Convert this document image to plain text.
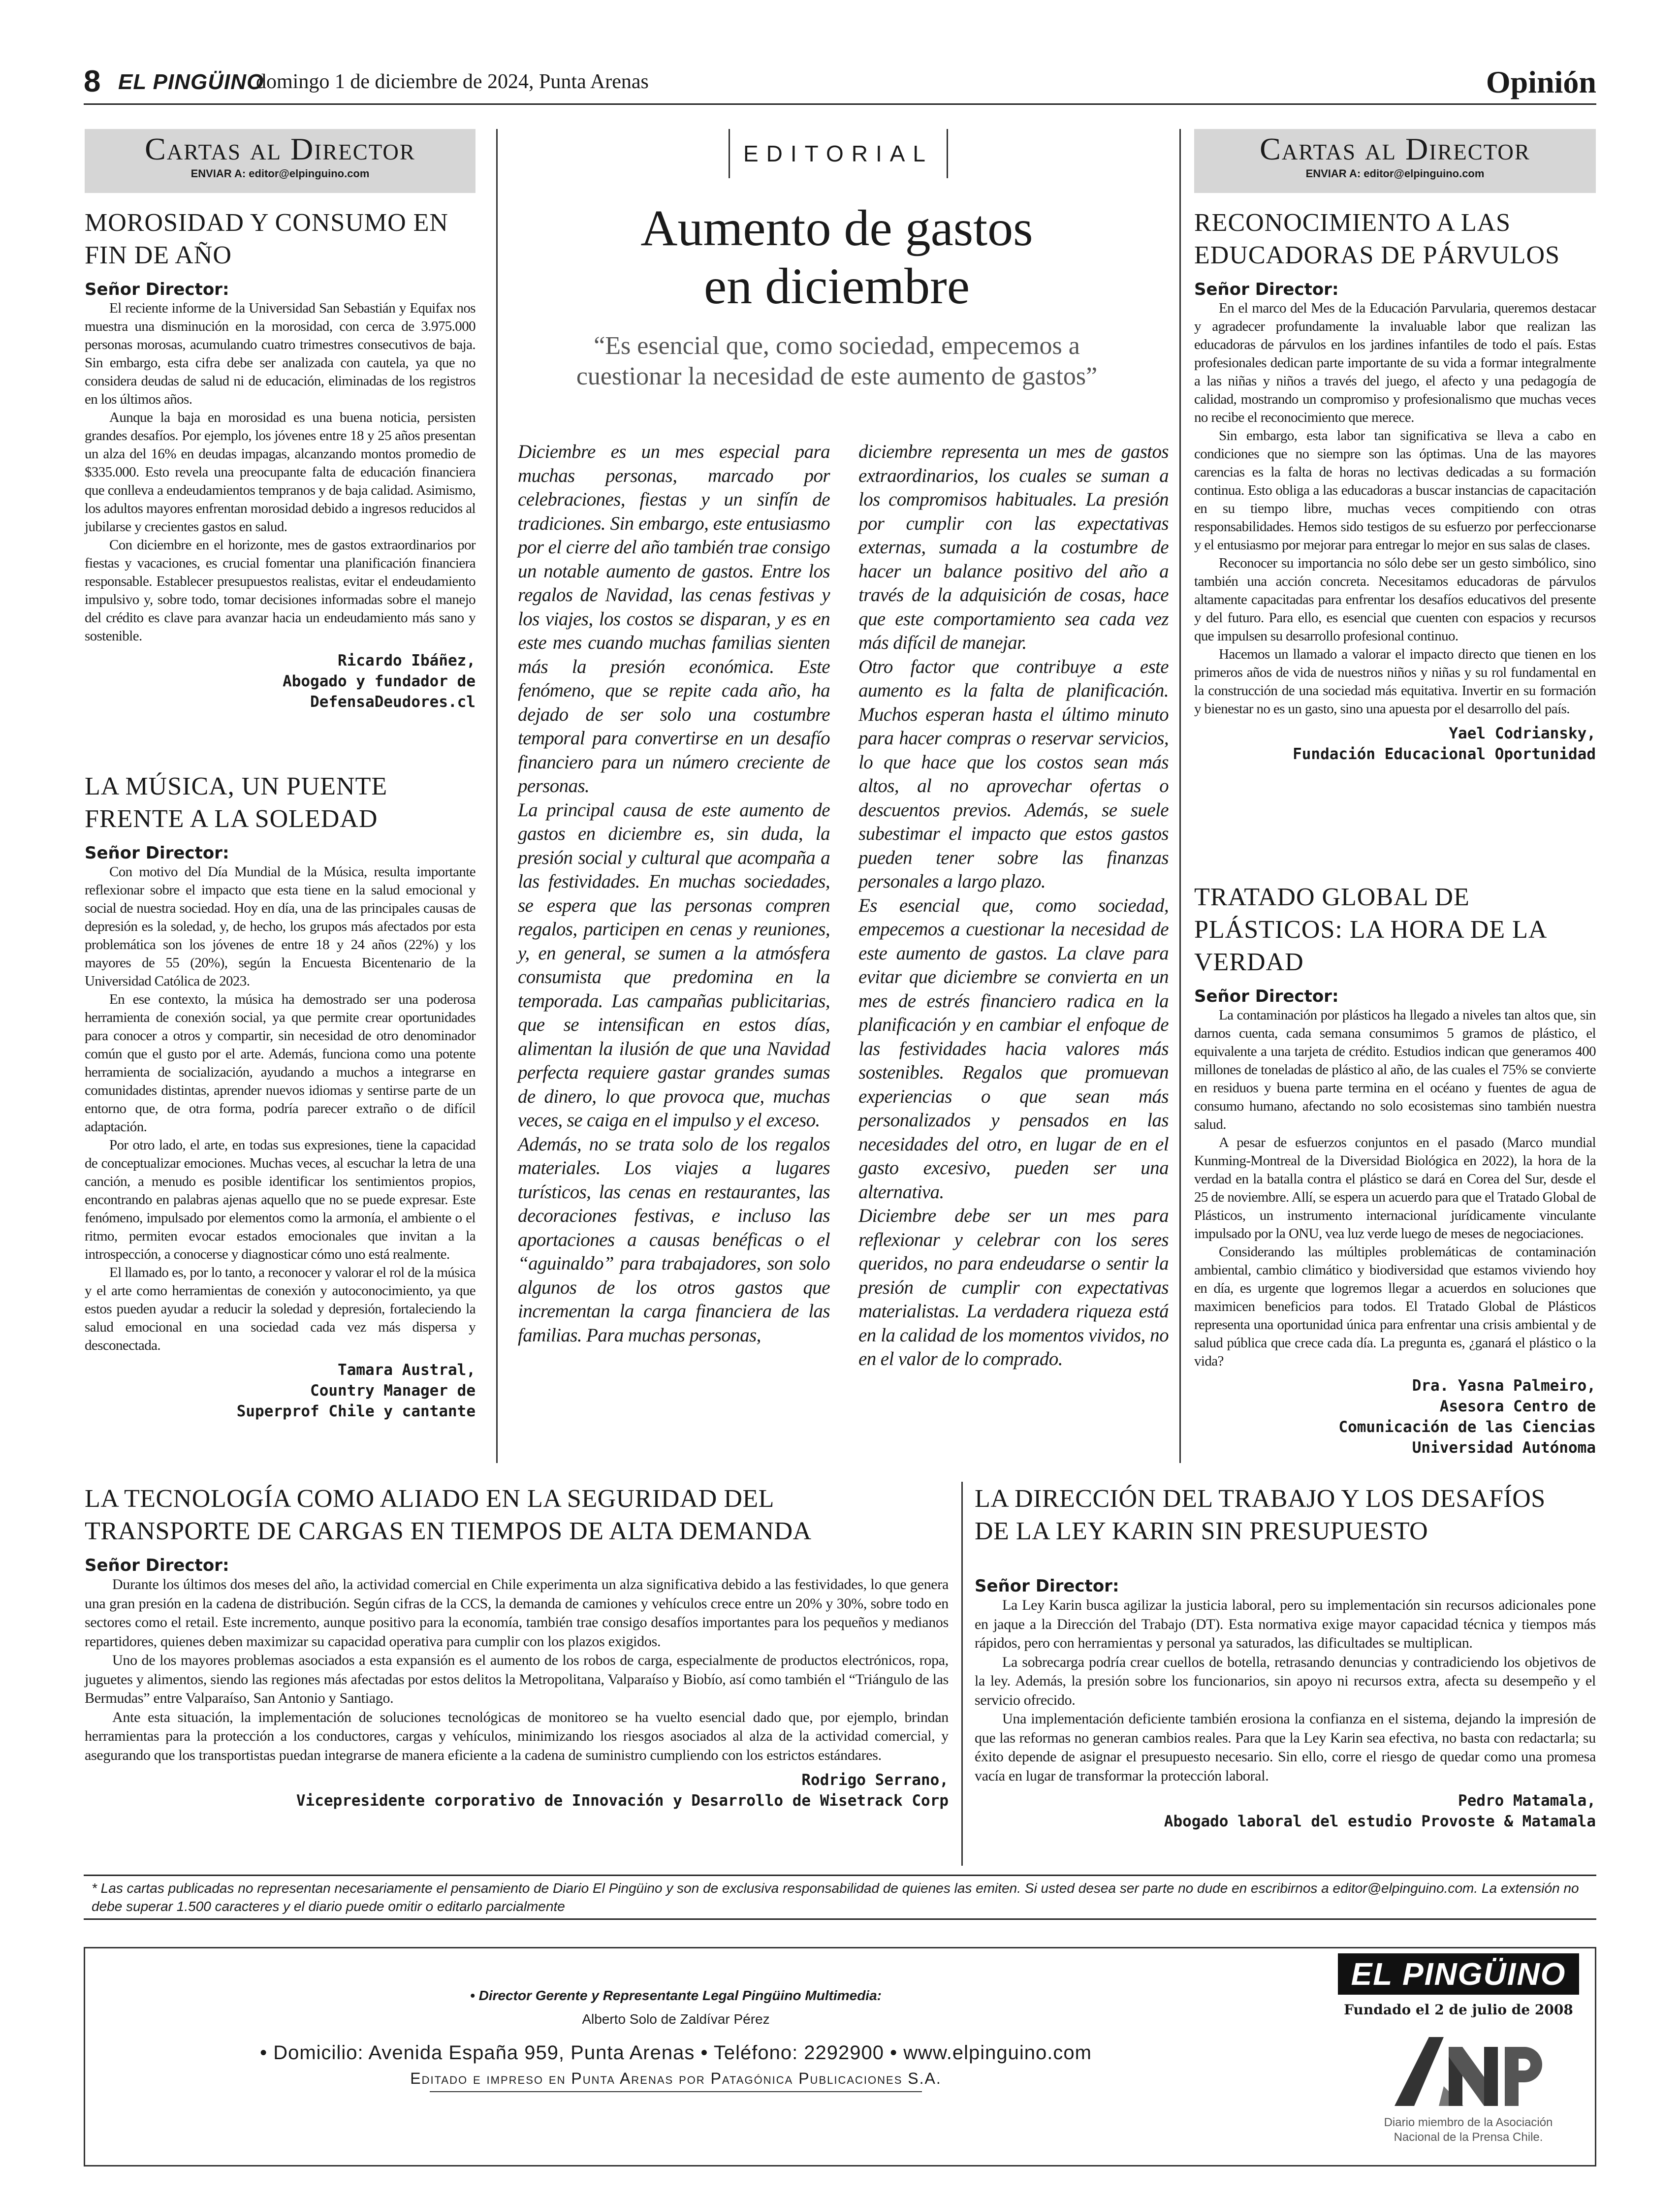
8 EL PINGÜINO
domingo 1 de diciembre de 2024, Punta Arenas	Opinión
Cartas al Director
ENVIAR A: editor@elpinguino.com
MOROSIDAD Y CONSUMO EN FIN DE AÑO
Señor Director:

El reciente informe de la Universidad San Sebastián y Equifax nos muestra una disminución en la morosidad, con cerca de 3.975.000 personas morosas, acumulando cuatro trimestres consecutivos de baja. Sin embargo, esta cifra debe ser analizada con cautela, ya que no considera deudas de salud ni de educación, eliminadas de los registros en los últimos años.

Aunque la baja en morosidad es una buena noticia, persisten grandes desafíos. Por ejemplo, los jóvenes entre 18 y 25 años presentan un alza del 16% en deudas impagas, alcanzando montos promedio de $335.000. Esto revela una preocupante falta de educación financiera que conlleva a endeudamientos tempranos y de baja calidad. Asimismo, los adultos mayores enfrentan morosidad debido a ingresos reducidos al jubilarse y crecientes gastos en salud.

Con diciembre en el horizonte, mes de gastos extraordinarios por fiestas y vacaciones, es crucial fomentar una planificación financiera responsable. Establecer presupuestos realistas, evitar el endeudamiento impulsivo y, sobre todo, tomar decisiones informadas sobre el manejo del crédito es clave para avanzar hacia un endeudamiento más sano y sostenible.

Ricardo Ibáñez,
Abogado y fundador de
DefensaDeudores.cl
LA MÚSICA, UN PUENTE FRENTE A LA SOLEDAD
Señor Director:

Con motivo del Día Mundial de la Música, resulta importante reflexionar sobre el impacto que esta tiene en la salud emocional y social de nuestra sociedad. Hoy en día, una de las principales causas de depresión es la soledad, y, de hecho, los grupos más afectados por esta problemática son los jóvenes de entre 18 y 24 años (22%) y los mayores de 55 (20%), según la Encuesta Bicentenario de la Universidad Católica de 2023.

En ese contexto, la música ha demostrado ser una poderosa herramienta de conexión social, ya que permite crear oportunidades para conocer a otros y compartir, sin necesidad de otro denominador común que el gusto por el arte. Además, funciona como una potente herramienta de socialización, ayudando a muchos a integrarse en comunidades distintas, aprender nuevos idiomas y sentirse parte de un entorno que, de otra forma, podría parecer extraño o de difícil adaptación.

Por otro lado, el arte, en todas sus expresiones, tiene la capacidad de conceptualizar emociones. Muchas veces, al escuchar la letra de una canción, a menudo es posible identificar los sentimientos propios, encontrando en palabras ajenas aquello que no se puede expresar. Este fenómeno, impulsado por elementos como la armonía, el ambiente o el ritmo, permiten evocar estados emocionales que invitan a la introspección, a conocerse y diagnosticar cómo uno está realmente.

El llamado es, por lo tanto, a reconocer y valorar el rol de la música y el arte como herramientas de conexión y autoconocimiento, ya que estos pueden ayudar a reducir la soledad y depresión, fortaleciendo la salud emocional en una sociedad cada vez más dispersa y desconectada.

Tamara Austral,
Country Manager de
Superprof Chile y cantante
EDITORIAL
Aumento de gastos
en diciembre
“Es esencial que, como sociedad, empecemos a cuestionar la necesidad de este aumento de gastos”

Diciembre es un mes especial para muchas personas, marcado por celebraciones, fiestas y un sinfín de tradiciones. Sin embargo, este entusiasmo por el cierre del año también trae consigo un notable aumento de gastos. Entre los regalos de Navidad, las cenas festivas y los viajes, los costos se disparan, y es en este mes cuando muchas familias sienten más la presión económica. Este fenómeno, que se repite cada año, ha dejado de ser solo una costumbre temporal para convertirse en un desafío financiero para un número creciente de personas.

La principal causa de este aumento de gastos en diciembre es, sin duda, la presión social y cultural que acompaña a las festividades. En muchas sociedades, se espera que las personas compren regalos, participen en cenas y reuniones, y, en general, se sumen a la atmósfera consumista que predomina en la temporada. Las campañas publicitarias, que se intensifican en estos días, alimentan la ilusión de que una Navidad perfecta requiere gastar grandes sumas de dinero, lo que provoca que, muchas veces, se caiga en el impulso y el exceso.

Además, no se trata solo de los regalos materiales. Los viajes a lugares turísticos, las cenas en restaurantes, las decoraciones festivas, e incluso las aportaciones a causas benéficas o el “aguinaldo” para trabajadores, son solo algunos de los otros gastos que incrementan la carga financiera de las familias. Para muchas personas,

diciembre representa un mes de gastos extraordinarios, los cuales se suman a los compromisos habituales. La presión por cumplir con las expectativas externas, sumada a la costumbre de hacer un balance positivo del año a través de la adquisición de cosas, hace que este comportamiento sea cada vez más difícil de manejar.

Otro factor que contribuye a este aumento es la falta de planificación. Muchos esperan hasta el último minuto para hacer compras o reservar servicios, lo que hace que los costos sean más altos, al no aprovechar ofertas o descuentos previos. Además, se suele subestimar el impacto que estos gastos pueden tener sobre las finanzas personales a largo plazo.

Es esencial que, como sociedad, empecemos a cuestionar la necesidad de este aumento de gastos. La clave para evitar que diciembre se convierta en un mes de estrés financiero radica en la planificación y en cambiar el enfoque de las festividades hacia valores más sostenibles. Regalos que promuevan experiencias o que sean más personalizados y pensados en las necesidades del otro, en lugar de en el gasto excesivo, pueden ser una alternativa.

Diciembre debe ser un mes para reflexionar y celebrar con los seres queridos, no para endeudarse o sentir la presión de cumplir con expectativas materialistas. La verdadera riqueza está en la calidad de los momentos vividos, no en el valor de lo comprado.

Cartas al Director
ENVIAR A: editor@elpinguino.com
RECONOCIMIENTO A LAS EDUCADORAS DE PÁRVULOS
Señor Director:

En el marco del Mes de la Educación Parvularia, queremos destacar y agradecer profundamente la invaluable labor que realizan las educadoras de párvulos en los jardines infantiles de todo el país. Estas profesionales dedican parte importante de su vida a formar integralmente a las niñas y niños a través del juego, el afecto y una pedagogía de calidad, mostrando un compromiso y profesionalismo que muchas veces no recibe el reconocimiento que merece.

Sin embargo, esta labor tan significativa se lleva a cabo en condiciones que no siempre son las óptimas. Una de las mayores carencias es la falta de horas no lectivas dedicadas a su formación continua. Esto obliga a las educadoras a buscar instancias de capacitación en su tiempo libre, muchas veces compitiendo con otras responsabilidades. Hemos sido testigos de su esfuerzo por perfeccionarse y el entusiasmo por mejorar para entregar lo mejor en sus salas de clases.

Reconocer su importancia no sólo debe ser un gesto simbólico, sino también una acción concreta. Necesitamos educadoras de párvulos altamente capacitadas para enfrentar los desafíos educativos del presente y del futuro. Para ello, es esencial que cuenten con espacios y recursos que impulsen su desarrollo profesional continuo.

Hacemos un llamado a valorar el impacto directo que tienen en los primeros años de vida de nuestros niños y niñas y su rol fundamental en la construcción de una sociedad más equitativa. Invertir en su formación y bienestar no es un gasto, sino una apuesta por el desarrollo del país.

Yael Codriansky,
Fundación Educacional Oportunidad
TRATADO GLOBAL DE PLÁSTICOS: LA HORA DE LA VERDAD
Señor Director:

La contaminación por plásticos ha llegado a niveles tan altos que, sin darnos cuenta, cada semana consumimos 5 gramos de plástico, el equivalente a una tarjeta de crédito. Estudios indican que generamos 400 millones de toneladas de plástico al año, de las cuales el 75% se convierte en residuos y buena parte termina en el océano y fuentes de agua de consumo humano, afectando no solo ecosistemas sino también nuestra salud.

A pesar de esfuerzos conjuntos en el pasado (Marco mundial Kunming-Montreal de la Diversidad Biológica en 2022), la hora de la verdad en la batalla contra el plástico se dará en Corea del Sur, desde el 25 de noviembre. Allí, se espera un acuerdo para que el Tratado Global de Plásticos, un instrumento internacional jurídicamente vinculante impulsado por la ONU, vea luz verde luego de meses de negociaciones.

Considerando las múltiples problemáticas de contaminación ambiental, cambio climático y biodiversidad que estamos viviendo hoy en día, es urgente que logremos llegar a acuerdos en soluciones que maximicen beneficios para todos. El Tratado Global de Plásticos representa una oportunidad única para enfrentar una crisis ambiental y de salud pública que crece cada día. La pregunta es, ¿ganará el plástico o la vida?

Dra. Yasna Palmeiro,
Asesora Centro de
Comunicación de las Ciencias
Universidad Autónoma
LA TECNOLOGÍA COMO ALIADO EN LA SEGURIDAD DEL
TRANSPORTE DE CARGAS EN TIEMPOS DE ALTA DEMANDA
Señor Director:

Durante los últimos dos meses del año, la actividad comercial en Chile experimenta un alza significativa debido a las festividades, lo que genera una gran presión en la cadena de distribución. Según cifras de la CCS, la demanda de camiones y vehículos crece entre un 20% y 30%, sobre todo en sectores como el retail. Este incremento, aunque positivo para la economía, también trae consigo desafíos importantes para los pequeños y medianos repartidores, quienes deben maximizar su capacidad operativa para cumplir con los plazos exigidos.

Uno de los mayores problemas asociados a esta expansión es el aumento de los robos de carga, especialmente de productos electrónicos, ropa, juguetes y alimentos, siendo las regiones más afectadas por estos delitos la Metropolitana, Valparaíso y Biobío, así como también el “Triángulo de las Bermudas” entre Valparaíso, San Antonio y Santiago.

Ante esta situación, la implementación de soluciones tecnológicas de monitoreo se ha vuelto esencial dado que, por ejemplo, brindan herramientas para la protección a los conductores, cargas y vehículos, minimizando los riesgos asociados al alza de la actividad comercial, y asegurando que los transportistas puedan integrarse de manera eficiente a la cadena de suministro cumpliendo con los estrictos estándares.

Rodrigo Serrano,
Vicepresidente corporativo de Innovación y Desarrollo de Wisetrack Corp
LA DIRECCIÓN DEL TRABAJO Y LOS DESAFÍOS
DE LA LEY KARIN SIN PRESUPUESTO
Señor Director:

La Ley Karin busca agilizar la justicia laboral, pero su implementación sin recursos adicionales pone en jaque a la Dirección del Trabajo (DT). Esta normativa exige mayor capacidad técnica y tiempos más rápidos, pero con herramientas y personal ya saturados, las dificultades se multiplican.

La sobrecarga podría crear cuellos de botella, retrasando denuncias y contradiciendo los objetivos de la ley. Además, la presión sobre los funcionarios, sin apoyo ni recursos extra, afecta su desempeño y el servicio ofrecido.

Una implementación deficiente también erosiona la confianza en el sistema, dejando la impresión de que las reformas no generan cambios reales. Para que la Ley Karin sea efectiva, no basta con redactarla; su éxito depende de asignar el presupuesto necesario. Sin ello, corre el riesgo de quedar como una promesa vacía en lugar de transformar la protección laboral.

Pedro Matamala,
Abogado laboral del estudio Provoste & Matamala
* Las cartas publicadas no representan necesariamente el pensamiento de Diario El Pingüino y son de exclusiva responsabilidad de quienes las emiten. Si usted desea ser parte no dude en escribirnos a editor@elpinguino.com. La extensión no debe superar 1.500 caracteres y el diario puede omitir o editarlo parcialmente
• Director Gerente y Representante Legal Pingüino Multimedia:
Alberto Solo de Zaldívar Pérez
• Domicilio: Avenida España 959, Punta Arenas • Teléfono: 2292900 • www.elpinguino.com
Editado e impreso en Punta Arenas por Patagónica Publicaciones S.A.
EL PINGÜINO
Fundado el 2 de julio de 2008
Diario miembro de la Asociación
Nacional de la Prensa Chile.
